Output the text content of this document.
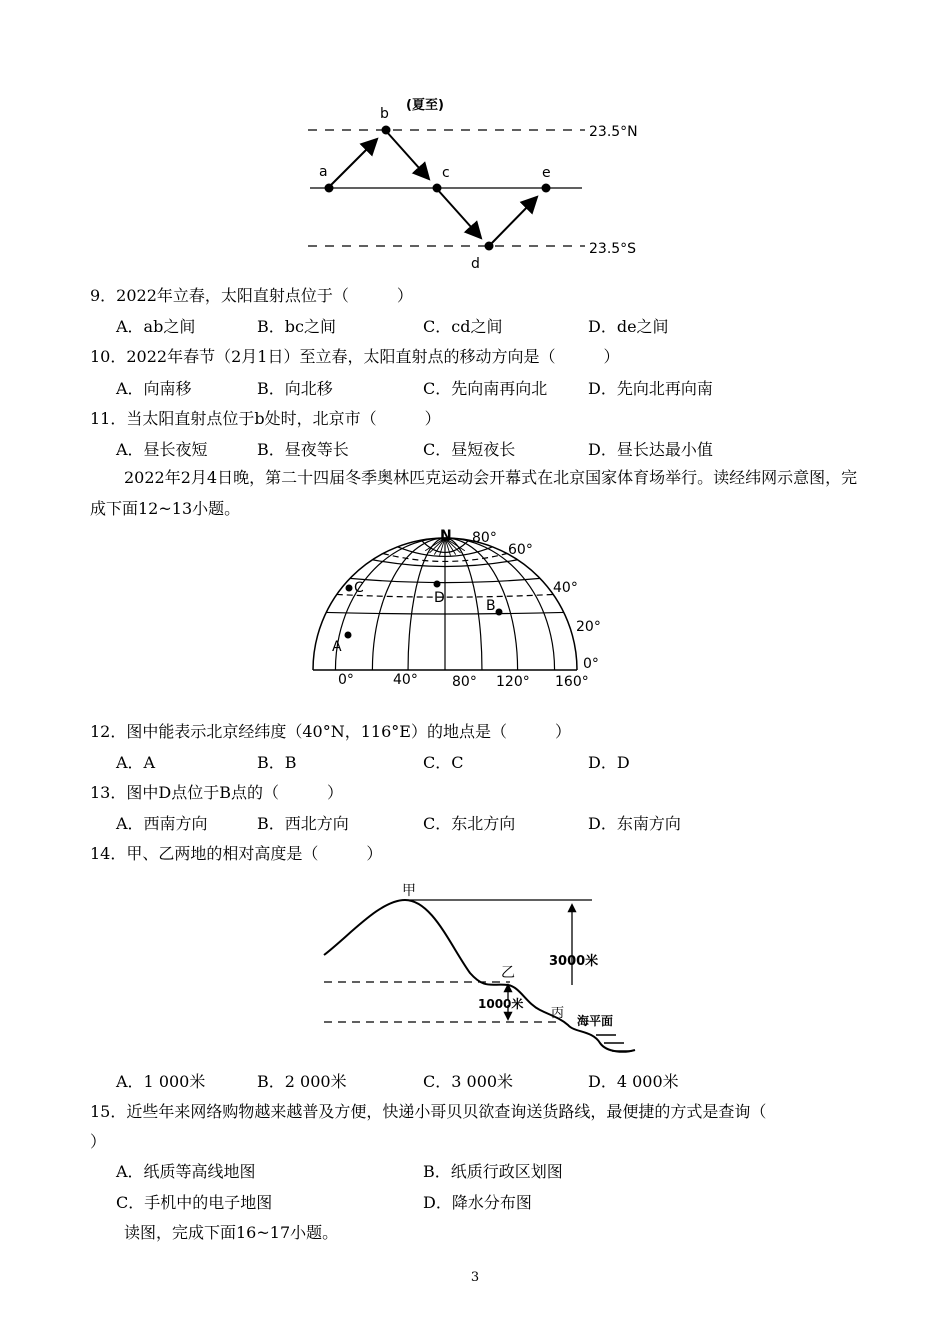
a
b
c
d
e
(夏至)
23.5°N
23.5°S
9．2022年立春，太阳直射点位于（　　　）
A．ab之间	B．bc之间	C．cd之间	D．de之间
10．2022年春节（2月1日）至立春，太阳直射点的移动方向是（　　　）
A．向南移	B．向北移	C．先向南再向北	D．先向北再向南
11．当太阳直射点位于b处时，北京市（　　　）
A．昼长夜短	B．昼夜等长	C．昼短夜长	D．昼长达最小值
2022年2月4日晚，第二十四届冬季奥林匹克运动会开幕式在北京国家体育场举行。读经纬网示意图，完成下面12~13小题。
N 80°
60°
40°
20°
0°
0°	40° 80° 120° 160°
A
B
C
D
12．图中能表示北京经纬度（40°N，116°E）的地点是（　　　）
A．A	B．B	C．C	D．D
13．图中D点位于B点的（　　　）
A．西南方向	B．西北方向	C．东北方向	D．东南方向
14．甲、乙两地的相对高度是（　　　）
甲
乙
丙
3000米
1000米
海平面
A．1 000米	B．2 000米	C．3 000米	D．4 000米
15．近些年来网络购物越来越普及方便，快递小哥贝贝欲查询送货路线，最便捷的方式是查询（
）
A．纸质等高线地图	B．纸质行政区划图
C．手机中的电子地图	D．降水分布图
读图，完成下面16~17小题。
3
